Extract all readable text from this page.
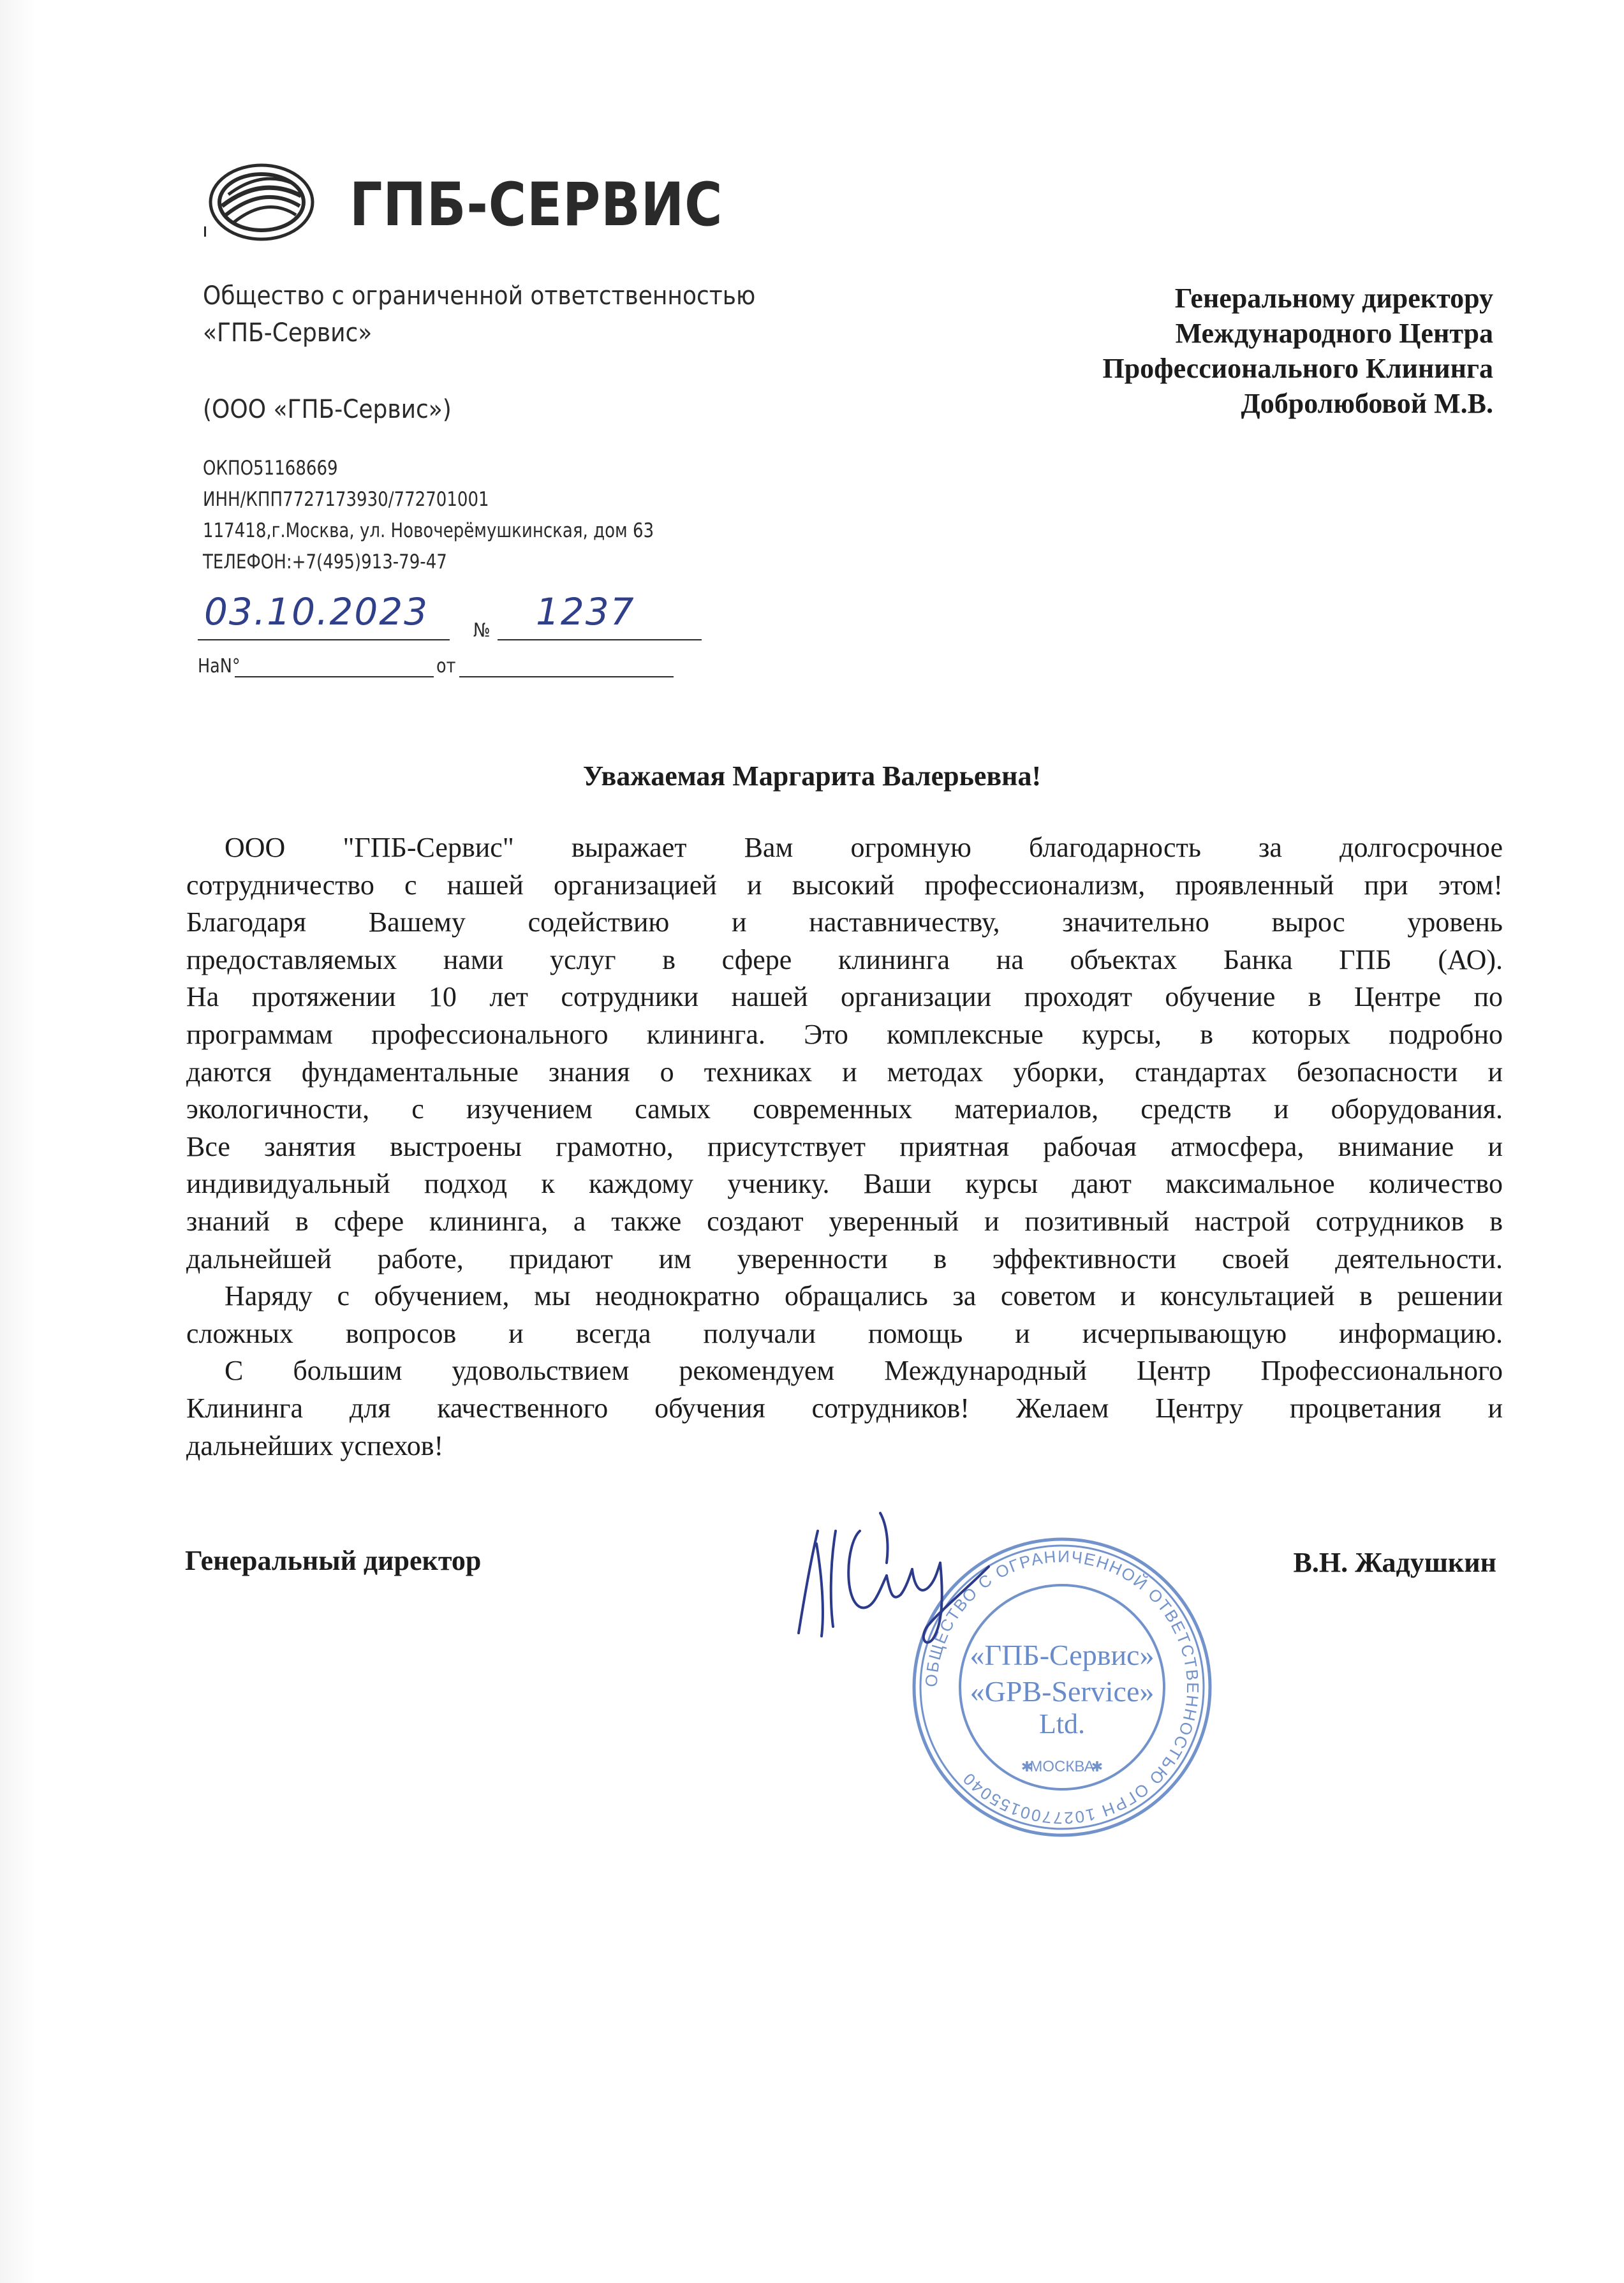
ГПБ-СЕРВИС
Общество с ограниченной ответственностью
«ГПБ-Сервис»
(ООО «ГПБ-Сервис»)
ОКПО51168669
ИНН/КПП7727173930/772701001
117418,г.Москва, ул. Новочерёмушкинская, дом 63
ТЕЛЕФОН:+7(495)913-79-47
03.10.2023 № 1237
НаN°	от
Генеральному директору
Международного Центра
Профессионального Клининга
Добролюбовой М.В.
Уважаемая Маргарита Валерьевна!
ООО "ГПБ-Сервис" выражает Вам огромную благодарность за долгосрочное
сотрудничество с нашей организацией и высокий профессионализм, проявленный при этом!
Благодаря Вашему содействию и наставничеству, значительно вырос уровень
предоставляемых нами услуг в сфере клининга на объектах Банка ГПБ (АО).
На протяжении 10 лет сотрудники нашей организации проходят обучение в Центре по
программам профессионального клининга. Это комплексные курсы, в которых подробно
даются фундаментальные знания о техниках и методах уборки, стандартах безопасности и
экологичности, с изучением самых современных материалов, средств и оборудования.
Все занятия выстроены грамотно, присутствует приятная рабочая атмосфера, внимание и
индивидуальный подход к каждому ученику. Ваши курсы дают максимальное количество
знаний в сфере клининга, а также создают уверенный и позитивный настрой сотрудников в
дальнейшей работе, придают им уверенности в эффективности своей деятельности.
Наряду с обучением, мы неоднократно обращались за советом и консультацией в решении
сложных вопросов и всегда получали помощь и исчерпывающую информацию.
С большим удовольствием рекомендуем Международный Центр Профессионального
Клининга для качественного обучения сотрудников! Желаем Центру процветания и
дальнейших успехов!
Генеральный директор	В.Н. Жадушкин
ОБЩЕСТВО С ОГРАНИЧЕННОЙ ОТВЕТСТВЕННОСТЬЮ ОГРН 1027700155040
«ГПБ-Сервис»
«GPB-Service»
Ltd.
МОСКВА
✱	✱
